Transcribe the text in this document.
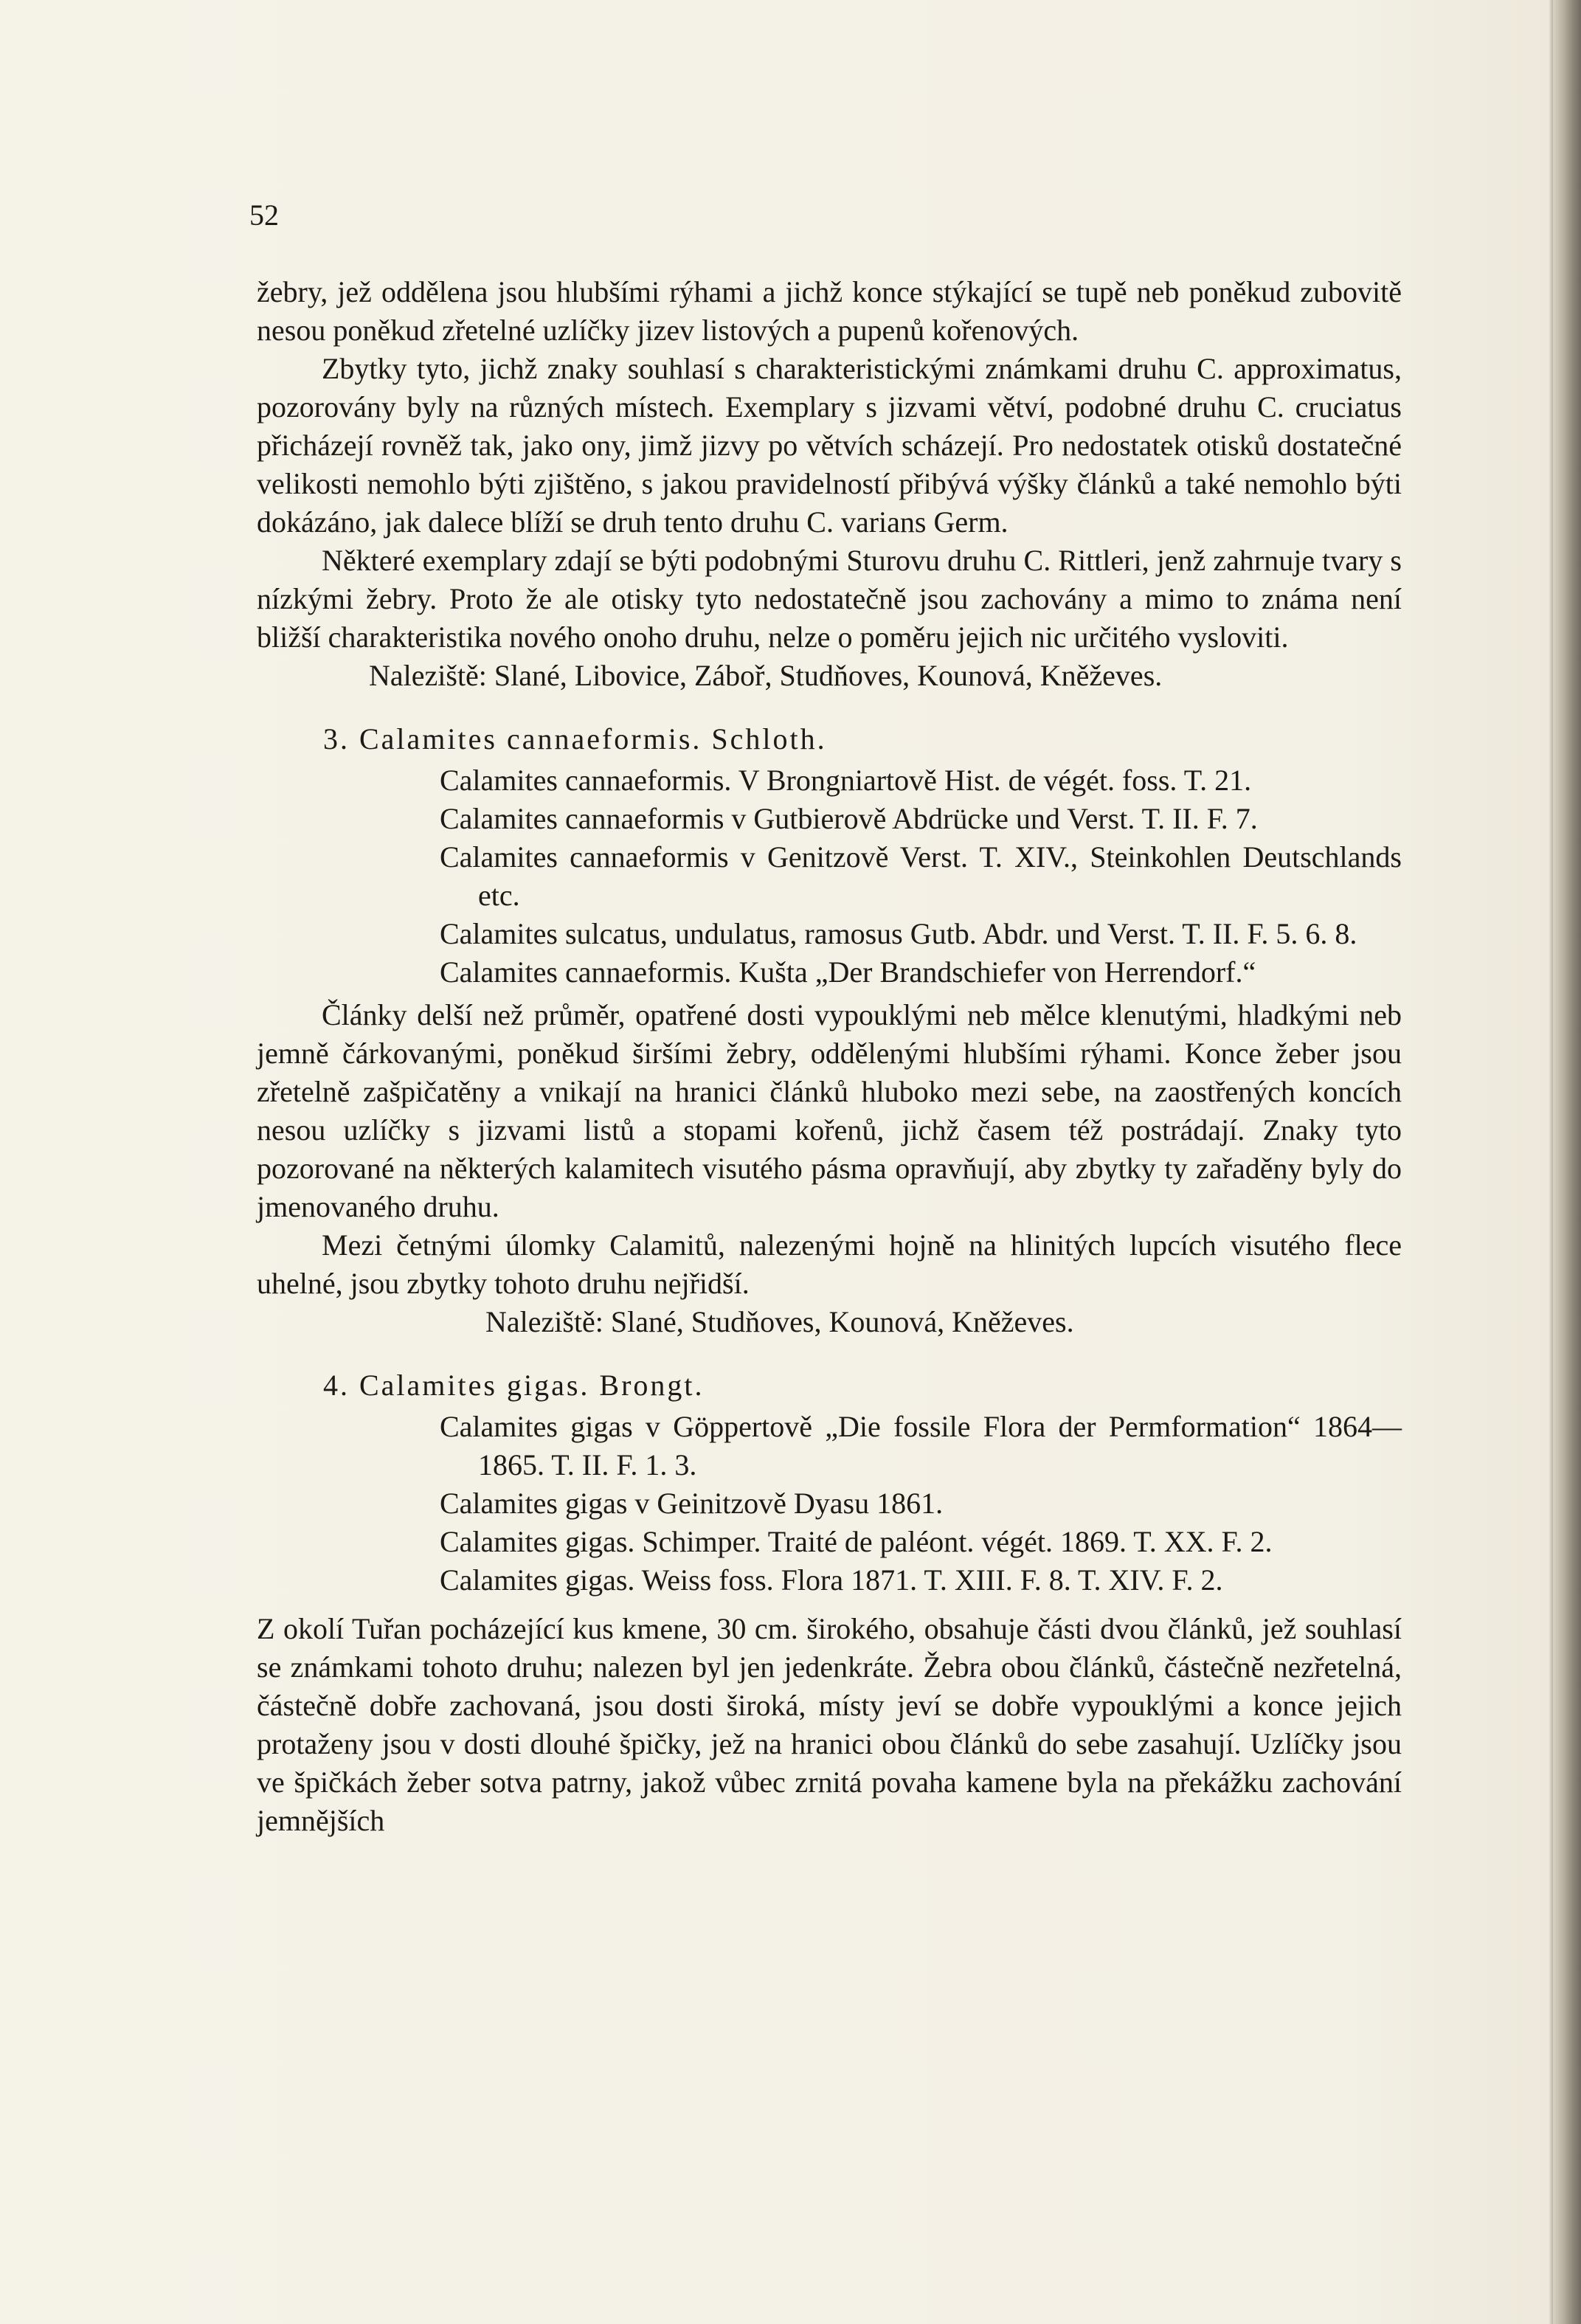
52

žebry, jež oddělena jsou hlubšími rýhami a jichž konce stýkající se tupě neb poněkud zubovitě nesou poněkud zřetelné uzlíčky jizev listových a pupenů kořenových.

Zbytky tyto, jichž znaky souhlasí s charakteristickými známkami druhu C. approximatus, pozorovány byly na různých místech. Exemplary s jizvami větví, podobné druhu C. cruciatus přicházejí rovněž tak, jako ony, jimž jizvy po větvích scházejí. Pro nedostatek otisků dostatečné velikosti nemohlo býti zjištěno, s jakou pravidelností přibývá výšky článků a také nemohlo býti dokázáno, jak dalece blíží se druh tento druhu C. varians Germ.

Některé exemplary zdají se býti podobnými Sturovu druhu C. Rittleri, jenž zahrnuje tvary s nízkými žebry. Proto že ale otisky tyto nedostatečně jsou zachovány a mimo to známa není bližší charakteristika nového onoho druhu, nelze o poměru jejich nic určitého vysloviti.

Naleziště: Slané, Libovice, Záboř, Studňoves, Kounová, Kněževes.

3. Calamites cannaeformis. Schloth.

Calamites cannaeformis. V Brongniartově Hist. de végét. foss. T. 21.

Calamites cannaeformis v Gutbierově Abdrücke und Verst. T. II. F. 7.

Calamites cannaeformis v Genitzově Verst. T. XIV., Steinkohlen Deutschlands etc.

Calamites sulcatus, undulatus, ramosus Gutb. Abdr. und Verst. T. II. F. 5. 6. 8.

Calamites cannaeformis. Kušta „Der Brandschiefer von Herrendorf.“

Články delší než průměr, opatřené dosti vypouklými neb mělce klenutými, hladkými neb jemně čárkovanými, poněkud širšími žebry, oddělenými hlubšími rýhami. Konce žeber jsou zřetelně zašpičatěny a vnikají na hranici článků hluboko mezi sebe, na zaostřených koncích nesou uzlíčky s jizvami listů a stopami kořenů, jichž časem též postrádají. Znaky tyto pozorované na některých kalamitech visutého pásma opravňují, aby zbytky ty zařaděny byly do jmenovaného druhu.

Mezi četnými úlomky Calamitů, nalezenými hojně na hlinitých lupcích visutého flece uhelné, jsou zbytky tohoto druhu nejřidší.

Naleziště: Slané, Studňoves, Kounová, Kněževes.

4. Calamites gigas. Brongt.

Calamites gigas v Göppertově „Die fossile Flora der Permformation“ 1864—1865. T. II. F. 1. 3.

Calamites gigas v Geinitzově Dyasu 1861.

Calamites gigas. Schimper. Traité de paléont. végét. 1869. T. XX. F. 2.

Calamites gigas. Weiss foss. Flora 1871. T. XIII. F. 8. T. XIV. F. 2.

Z okolí Tuřan pocházející kus kmene, 30 cm. širokého, obsahuje části dvou článků, jež souhlasí se známkami tohoto druhu; nalezen byl jen jedenkráte. Žebra obou článků, částečně nezřetelná, částečně dobře zachovaná, jsou dosti široká, místy jeví se dobře vypouklými a konce jejich protaženy jsou v dosti dlouhé špičky, jež na hranici obou článků do sebe zasahují. Uzlíčky jsou ve špičkách žeber sotva patrny, jakož vůbec zrnitá povaha kamene byla na překážku zachování jemnějších
